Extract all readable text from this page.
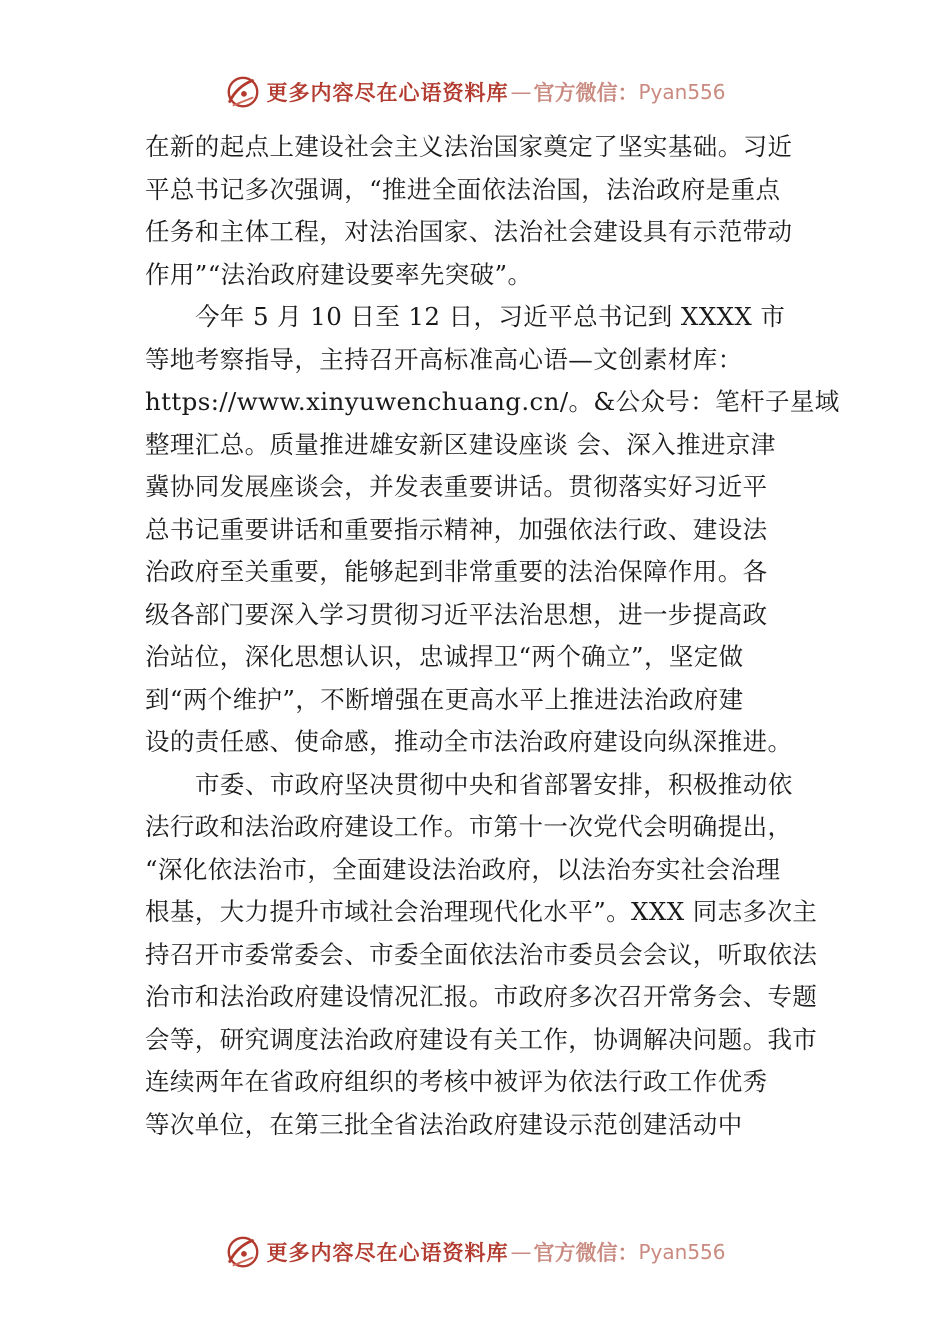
更多内容尽在心语资料库 — 官方微信： Pyan556

在新的起点上建设社会主义法治国家奠定了坚实基础。习近
平总书记多次强调，“推进全面依法治国，法治政府是重点
任务和主体工程，对法治国家、法治社会建设具有示范带动
作用”“法治政府建设要率先突破”。

今年 5 月 10 日至 12 日，习近平总书记到 XXXX 市
等地考察指导，主持召开高标准高心语—文创素材库：
https://www.xinyuwenchuang.cn/。&公众号：笔杆子星域
整理汇总。质量推进雄安新区建设座谈 会、深入推进京津
冀协同发展座谈会，并发表重要讲话。贯彻落实好习近平
总书记重要讲话和重要指示精神，加强依法行政、建设法
治政府至关重要，能够起到非常重要的法治保障作用。各
级各部门要深入学习贯彻习近平法治思想，进一步提高政
治站位，深化思想认识，忠诚捍卫“两个确立”，坚定做
到“两个维护”，不断增强在更高水平上推进法治政府建
设的责任感、使命感，推动全市法治政府建设向纵深推进。

市委、市政府坚决贯彻中央和省部署安排，积极推动依
法行政和法治政府建设工作。市第十一次党代会明确提出，
“深化依法治市，全面建设法治政府，以法治夯实社会治理
根基，大力提升市域社会治理现代化水平”。XXX 同志多次主
持召开市委常委会、市委全面依法治市委员会会议，听取依法
治市和法治政府建设情况汇报。市政府多次召开常务会、专题
会等，研究调度法治政府建设有关工作，协调解决问题。我市
连续两年在省政府组织的考核中被评为依法行政工作优秀
等次单位，在第三批全省法治政府建设示范创建活动中

更多内容尽在心语资料库 — 官方微信： Pyan556
